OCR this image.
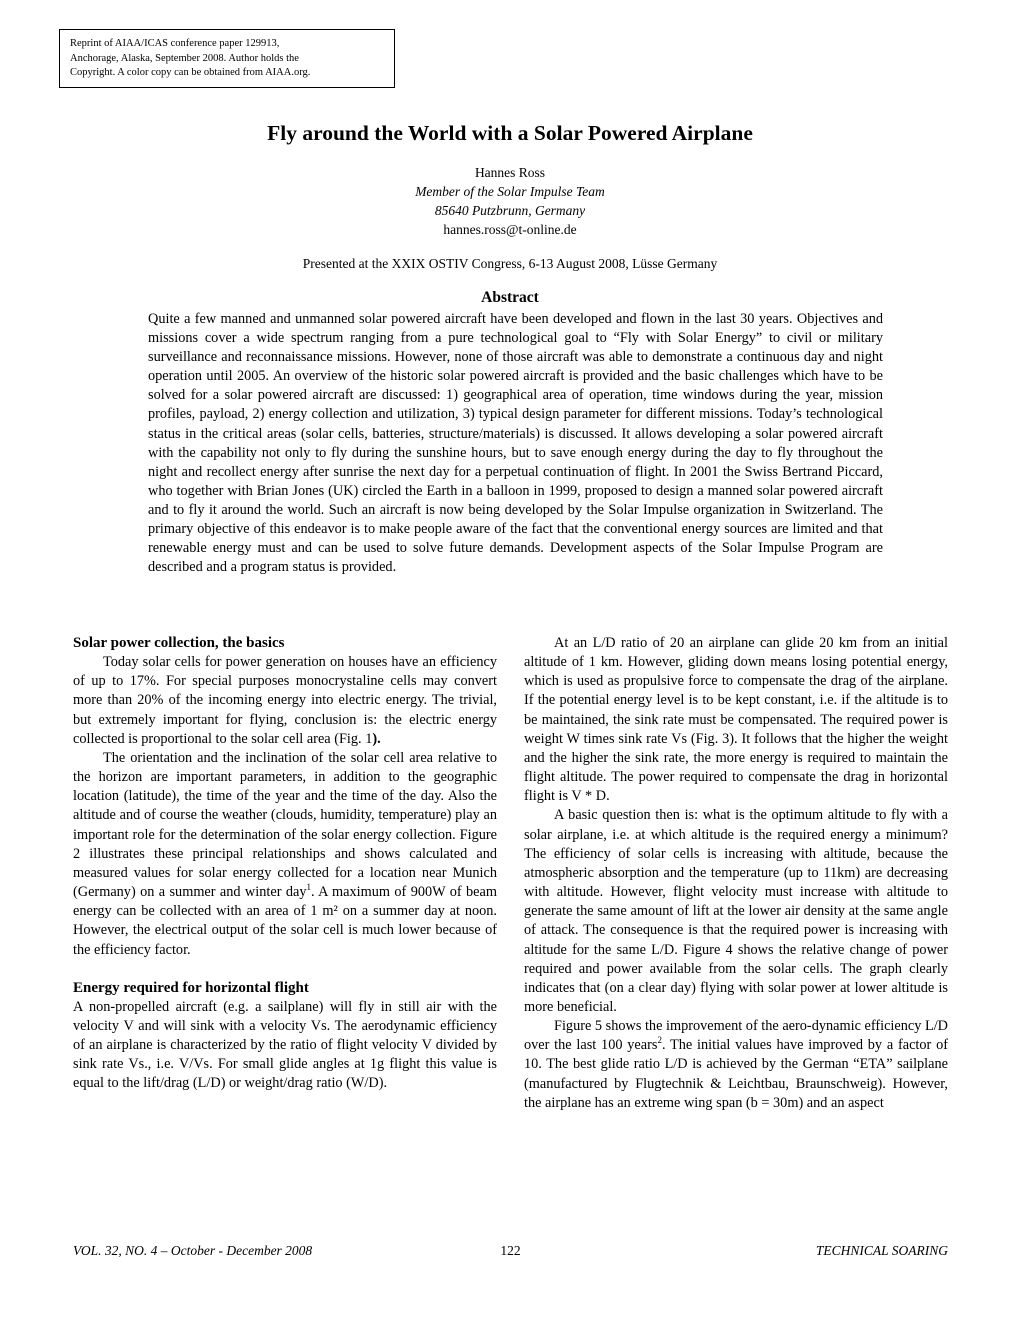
Reprint of AIAA/ICAS conference paper 129913,
Anchorage, Alaska, September 2008. Author holds the
Copyright. A color copy can be obtained from AIAA.org.
Fly around the World with a Solar Powered Airplane
Hannes Ross
Member of the Solar Impulse Team
85640 Putzbrunn, Germany
hannes.ross@t-online.de
Presented at the XXIX OSTIV Congress, 6-13 August 2008, Lüsse Germany
Abstract
Quite a few manned and unmanned solar powered aircraft have been developed and flown in the last 30 years. Objectives and missions cover a wide spectrum ranging from a pure technological goal to “Fly with Solar Energy” to civil or military surveillance and reconnaissance missions. However, none of those aircraft was able to demonstrate a continuous day and night operation until 2005. An overview of the historic solar powered aircraft is provided and the basic challenges which have to be solved for a solar powered aircraft are discussed: 1) geographical area of operation, time windows during the year, mission profiles, payload, 2) energy collection and utilization, 3) typical design parameter for different missions. Today’s technological status in the critical areas (solar cells, batteries, structure/materials) is discussed. It allows developing a solar powered aircraft with the capability not only to fly during the sunshine hours, but to save enough energy during the day to fly throughout the night and recollect energy after sunrise the next day for a perpetual continuation of flight. In 2001 the Swiss Bertrand Piccard, who together with Brian Jones (UK) circled the Earth in a balloon in 1999, proposed to design a manned solar powered aircraft and to fly it around the world. Such an aircraft is now being developed by the Solar Impulse organization in Switzerland. The primary objective of this endeavor is to make people aware of the fact that the conventional energy sources are limited and that renewable energy must and can be used to solve future demands. Development aspects of the Solar Impulse Program are described and a program status is provided.

Solar power collection, the basics

Today solar cells for power generation on houses have an efficiency of up to 17%. For special purposes monocrystaline cells may convert more than 20% of the incoming energy into electric energy. The trivial, but extremely important for flying, conclusion is: the electric energy collected is proportional to the solar cell area (Fig. 1).

The orientation and the inclination of the solar cell area relative to the horizon are important parameters, in addition to the geographic location (latitude), the time of the year and the time of the day. Also the altitude and of course the weather (clouds, humidity, temperature) play an important role for the determination of the solar energy collection. Figure 2 illustrates these principal relationships and shows calculated and measured values for solar energy collected for a location near Munich (Germany) on a summer and winter day$^1$. A maximum of 900W of beam energy can be collected with an area of 1 m² on a summer day at noon. However, the electrical output of the solar cell is much lower because of the efficiency factor.

Energy required for horizontal flight

A non-propelled aircraft (e.g. a sailplane) will fly in still air with the velocity V and will sink with a velocity Vs. The aerodynamic efficiency of an airplane is characterized by the ratio of flight velocity V divided by sink rate Vs., i.e. V/Vs. For small glide angles at 1g flight this value is equal to the lift/drag (L/D) or weight/drag ratio (W/D).

At an L/D ratio of 20 an airplane can glide 20 km from an initial altitude of 1 km. However, gliding down means losing potential energy, which is used as propulsive force to compensate the drag of the airplane. If the potential energy level is to be kept constant, i.e. if the altitude is to be maintained, the sink rate must be compensated. The required power is weight W times sink rate Vs (Fig. 3). It follows that the higher the weight and the higher the sink rate, the more energy is required to maintain the flight altitude. The power required to compensate the drag in horizontal flight is V * D.

A basic question then is: what is the optimum altitude to fly with a solar airplane, i.e. at which altitude is the required energy a minimum? The efficiency of solar cells is increasing with altitude, because the atmospheric absorption and the temperature (up to 11km) are decreasing with altitude. However, flight velocity must increase with altitude to generate the same amount of lift at the lower air density at the same angle of attack. The consequence is that the required power is increasing with altitude for the same L/D. Figure 4 shows the relative change of power required and power available from the solar cells. The graph clearly indicates that (on a clear day) flying with solar power at lower altitude is more beneficial.

Figure 5 shows the improvement of the aero-dynamic efficiency L/D over the last 100 years$^2$. The initial values have improved by a factor of 10. The best glide ratio L/D is achieved by the German “ETA” sailplane (manufactured by Flugtechnik & Leichtbau, Braunschweig). However, the airplane has an extreme wing span (b = 30m) and an aspect

VOL. 32, NO. 4 – October - December 2008	122	TECHNICAL SOARING
